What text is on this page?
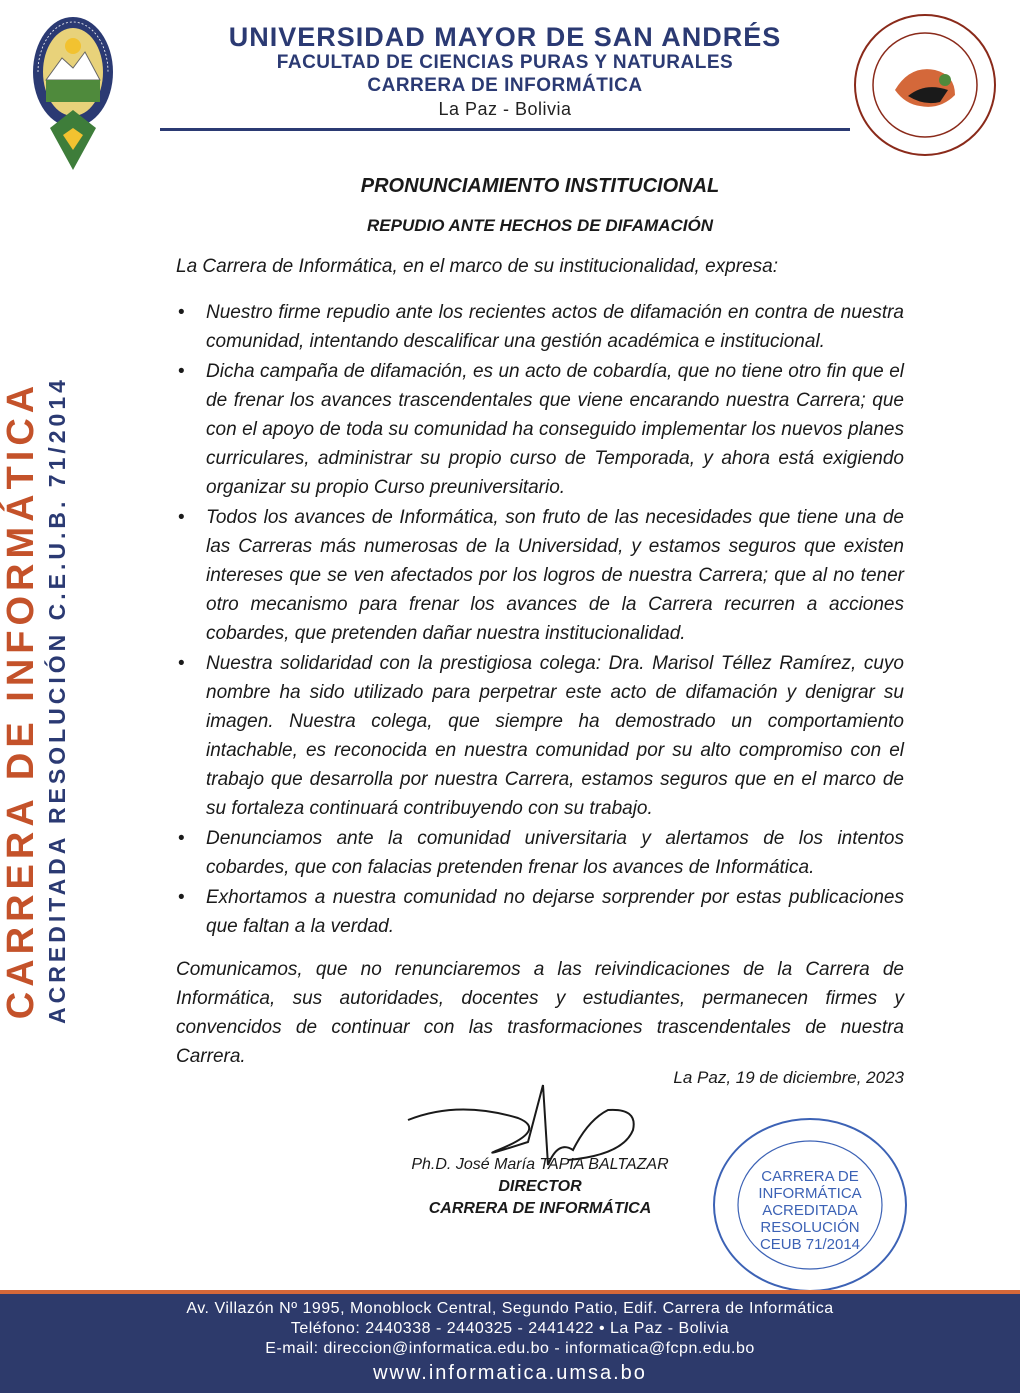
UNIVERSIDAD MAYOR DE SAN ANDRÉS
FACULTAD DE CIENCIAS PURAS Y NATURALES
CARRERA DE INFORMÁTICA
La Paz - Bolivia
CARRERA DE INFORMÁTICA ACREDITADA RESOLUCIÓN C.E.U.B. 71/2014
PRONUNCIAMIENTO INSTITUCIONAL
REPUDIO ANTE HECHOS DE DIFAMACIÓN
La Carrera de Informática, en el marco de su institucionalidad, expresa:
• Nuestro firme repudio ante los recientes actos de difamación en contra de nuestra comunidad, intentando descalificar una gestión académica e institucional.
• Dicha campaña de difamación, es un acto de cobardía, que no tiene otro fin que el de frenar los avances trascendentales que viene encarando nuestra Carrera; que con el apoyo de toda su comunidad ha conseguido implementar los nuevos planes curriculares, administrar su propio curso de Temporada, y ahora está exigiendo organizar su propio Curso preuniversitario.
• Todos los avances de Informática, son fruto de las necesidades que tiene una de las Carreras más numerosas de la Universidad, y estamos seguros que existen intereses que se ven afectados por los logros de nuestra Carrera; que al no tener otro mecanismo para frenar los avances de la Carrera recurren a acciones cobardes, que pretenden dañar nuestra institucionalidad.
• Nuestra solidaridad con la prestigiosa colega: Dra. Marisol Téllez Ramírez, cuyo nombre ha sido utilizado para perpetrar este acto de difamación y denigrar su imagen. Nuestra colega, que siempre ha demostrado un comportamiento intachable, es reconocida en nuestra comunidad por su alto compromiso con el trabajo que desarrolla por nuestra Carrera, estamos seguros que en el marco de su fortaleza continuará contribuyendo con su trabajo.
• Denunciamos ante la comunidad universitaria y alertamos de los intentos cobardes, que con falacias pretenden frenar los avances de Informática.
• Exhortamos a nuestra comunidad no dejarse sorprender por estas publicaciones que faltan a la verdad.
Comunicamos, que no renunciaremos a las reivindicaciones de la Carrera de Informática, sus autoridades, docentes y estudiantes, permanecen firmes y convencidos de continuar con las trasformaciones trascendentales de nuestra Carrera.
La Paz, 19 de diciembre, 2023
Ph.D. José María TAPIA BALTAZAR
DIRECTOR
CARRERA DE INFORMÁTICA
CARRERA DE
INFORMÁTICA
ACREDITADA
RESOLUCIÓN
CEUB 71/2014
Av. Villazón Nº 1995, Monoblock Central, Segundo Patio, Edif. Carrera de Informática
Teléfono: 2440338 - 2440325 - 2441422 • La Paz - Bolivia
E-mail: direccion@informatica.edu.bo - informatica@fcpn.edu.bo
www.informatica.umsa.bo
